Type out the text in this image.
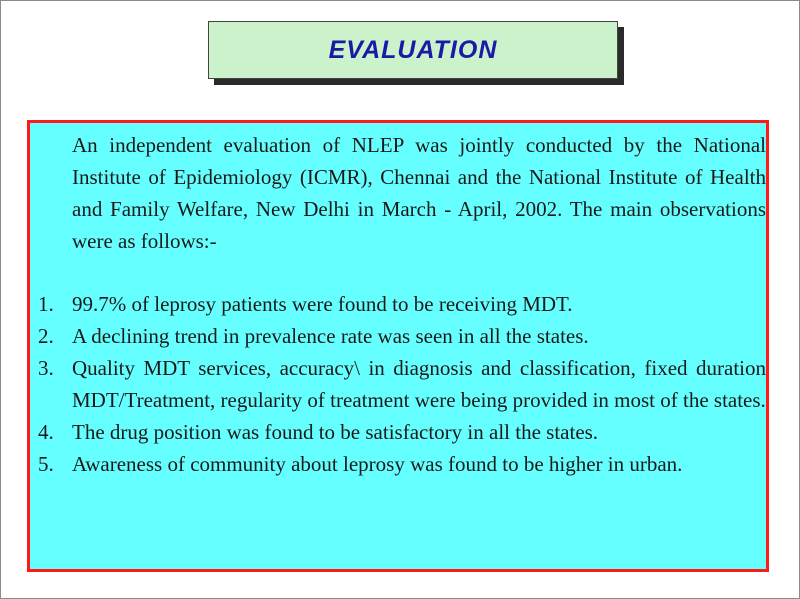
EVALUATION
An independent evaluation of NLEP was jointly conducted by the National Institute of Epidemiology (ICMR), Chennai and the National Institute of Health and Family Welfare, New Delhi in March - April, 2002. The main observations were as follows:-
1. 99.7% of leprosy patients were found to be receiving MDT.
2. A declining trend in prevalence rate was seen in all the states.
3. Quality MDT services, accuracy\ in diagnosis and classification, fixed duration MDT/Treatment, regularity of treatment were being provided in most of the states.
4. The drug position was found to be satisfactory in all the states.
5. Awareness of community about leprosy was found to be higher in urban.
